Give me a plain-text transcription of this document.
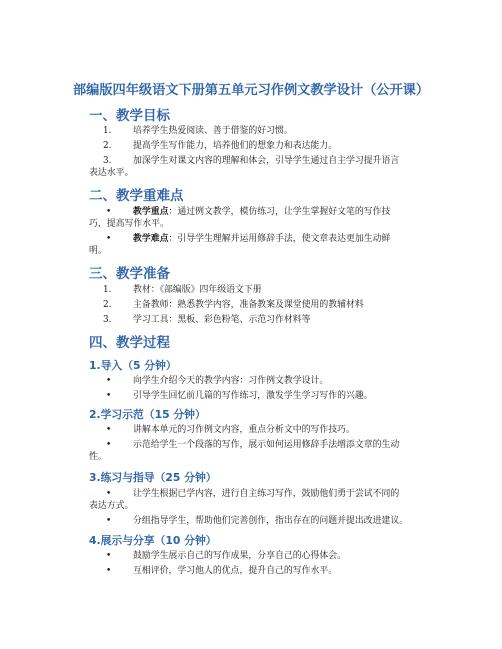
部编版四年级语文下册第五单元习作例文教学设计（公开课）
一、教学目标
1. 培养学生热爱阅读、善于借鉴的好习惯。
2. 提高学生写作能力，培养他们的想象力和表达能力。
3. 加深学生对课文内容的理解和体会，引导学生通过自主学习提升语言
表达水平。
二、教学重难点
• 教学重点：通过例文教学，模仿练习，让学生掌握好文笔的写作技
巧，提高写作水平。
• 教学难点：引导学生理解并运用修辞手法，使文章表达更加生动鲜
明。
三、教学准备
1. 教材：《部编版》四年级语文下册
2. 主备教师：熟悉教学内容，准备教案及课堂使用的教辅材料
3. 学习工具：黑板、彩色粉笔、示范习作材料等
四、教学过程
1.导入（5 分钟）
• 向学生介绍今天的教学内容：习作例文教学设计。
• 引导学生回忆前几篇的写作练习，激发学生学习写作的兴趣。
2.学习示范（15 分钟）
• 讲解本单元的习作例文内容，重点分析文中的写作技巧。
• 示范给学生一个段落的写作，展示如何运用修辞手法增添文章的生动
性。
3.练习与指导（25 分钟）
• 让学生根据已学内容，进行自主练习写作，鼓励他们勇于尝试不同的
表达方式。
• 分组指导学生，帮助他们完善创作，指出存在的问题并提出改进建议。
4.展示与分享（10 分钟）
• 鼓励学生展示自己的写作成果，分享自己的心得体会。
• 互相评价，学习他人的优点，提升自己的写作水平。
